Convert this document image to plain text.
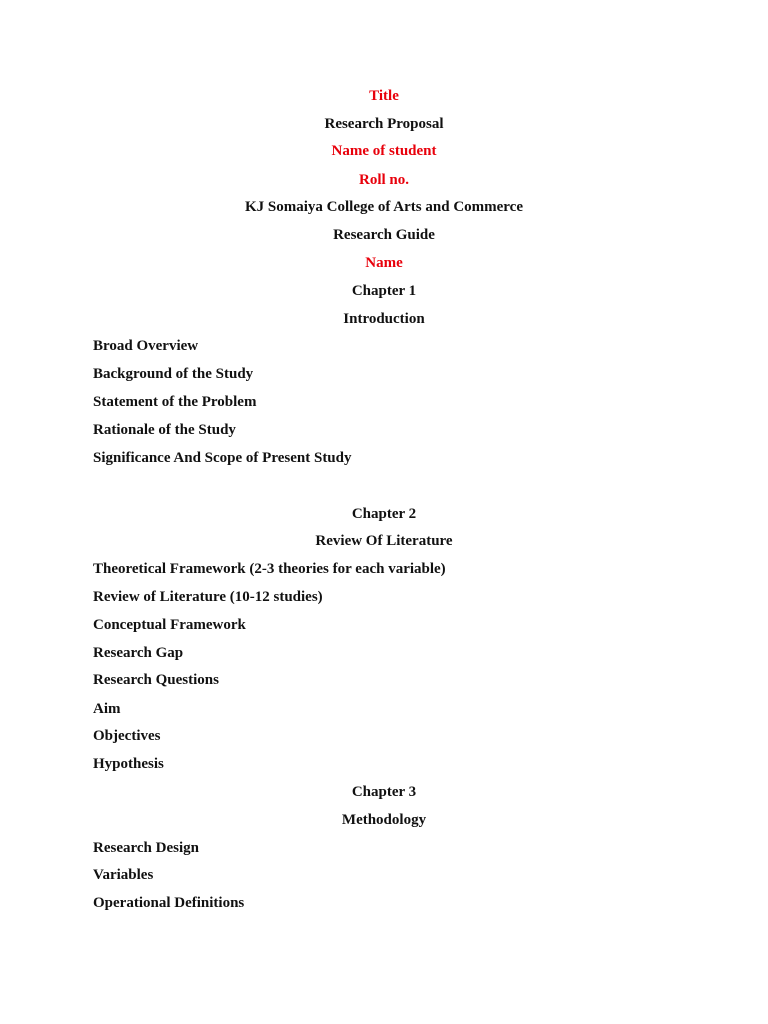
Title
Research Proposal
Name of student
Roll no.
KJ Somaiya College of Arts and Commerce
Research Guide
Name
Chapter 1
Introduction
Broad Overview
Background of the Study
Statement of the Problem
Rationale of the Study
Significance And Scope of Present Study
Chapter 2
Review Of Literature
Theoretical Framework (2-3 theories for each variable)
Review of Literature (10-12 studies)
Conceptual Framework
Research Gap
Research Questions
Aim
Objectives
Hypothesis
Chapter 3
Methodology
Research Design
Variables
Operational Definitions
